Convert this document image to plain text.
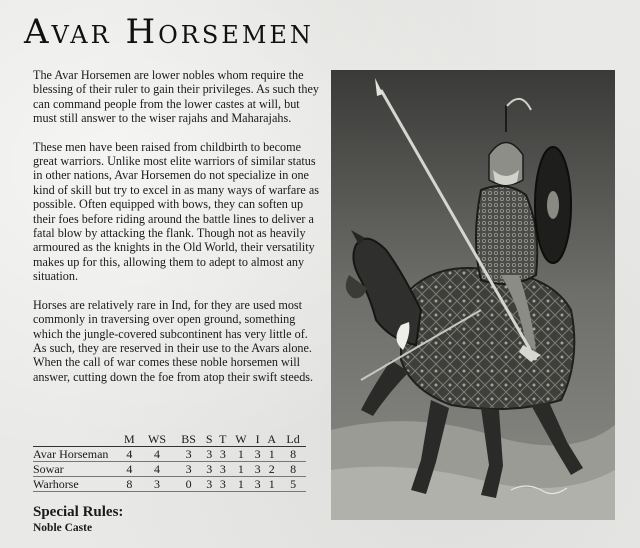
Avar Horsemen

The Avar Horsemen are lower nobles whom require the blessing of their ruler to gain their privileges. As such they can command people from the lower castes at will, but must still answer to the wiser rajahs and Maharajahs.

These men have been raised from childbirth to become great warriors. Unlike most elite warriors of similar status in other nations, Avar Horsemen do not specialize in one kind of skill but try to excel in as many ways of warfare as possible. Often equipped with bows, they can soften up their foes before riding around the battle lines to deliver a fatal blow by attacking the flank. Though not as heavily armoured as the knights in the Old World, their versatility makes up for this, allowing them to adept to almost any situation.

Horses are relatively rare in Ind, for they are used most commonly in traversing over open ground, something which the jungle-covered subcontinent has very little of. As such, they are reserved in their use to the Avars alone. When the call of war comes these noble horsemen will answer, cutting down the foe from atop their swift steeds.

	M	WS	BS	S	T	W	I	A	Ld
Avar Horseman	4	4	3	3	3	1	3	1	8
Sowar	4	4	3	3	3	1	3	2	8
Warhorse	8	3	0	3	3	1	3	1	5
Special Rules:
Noble Caste
